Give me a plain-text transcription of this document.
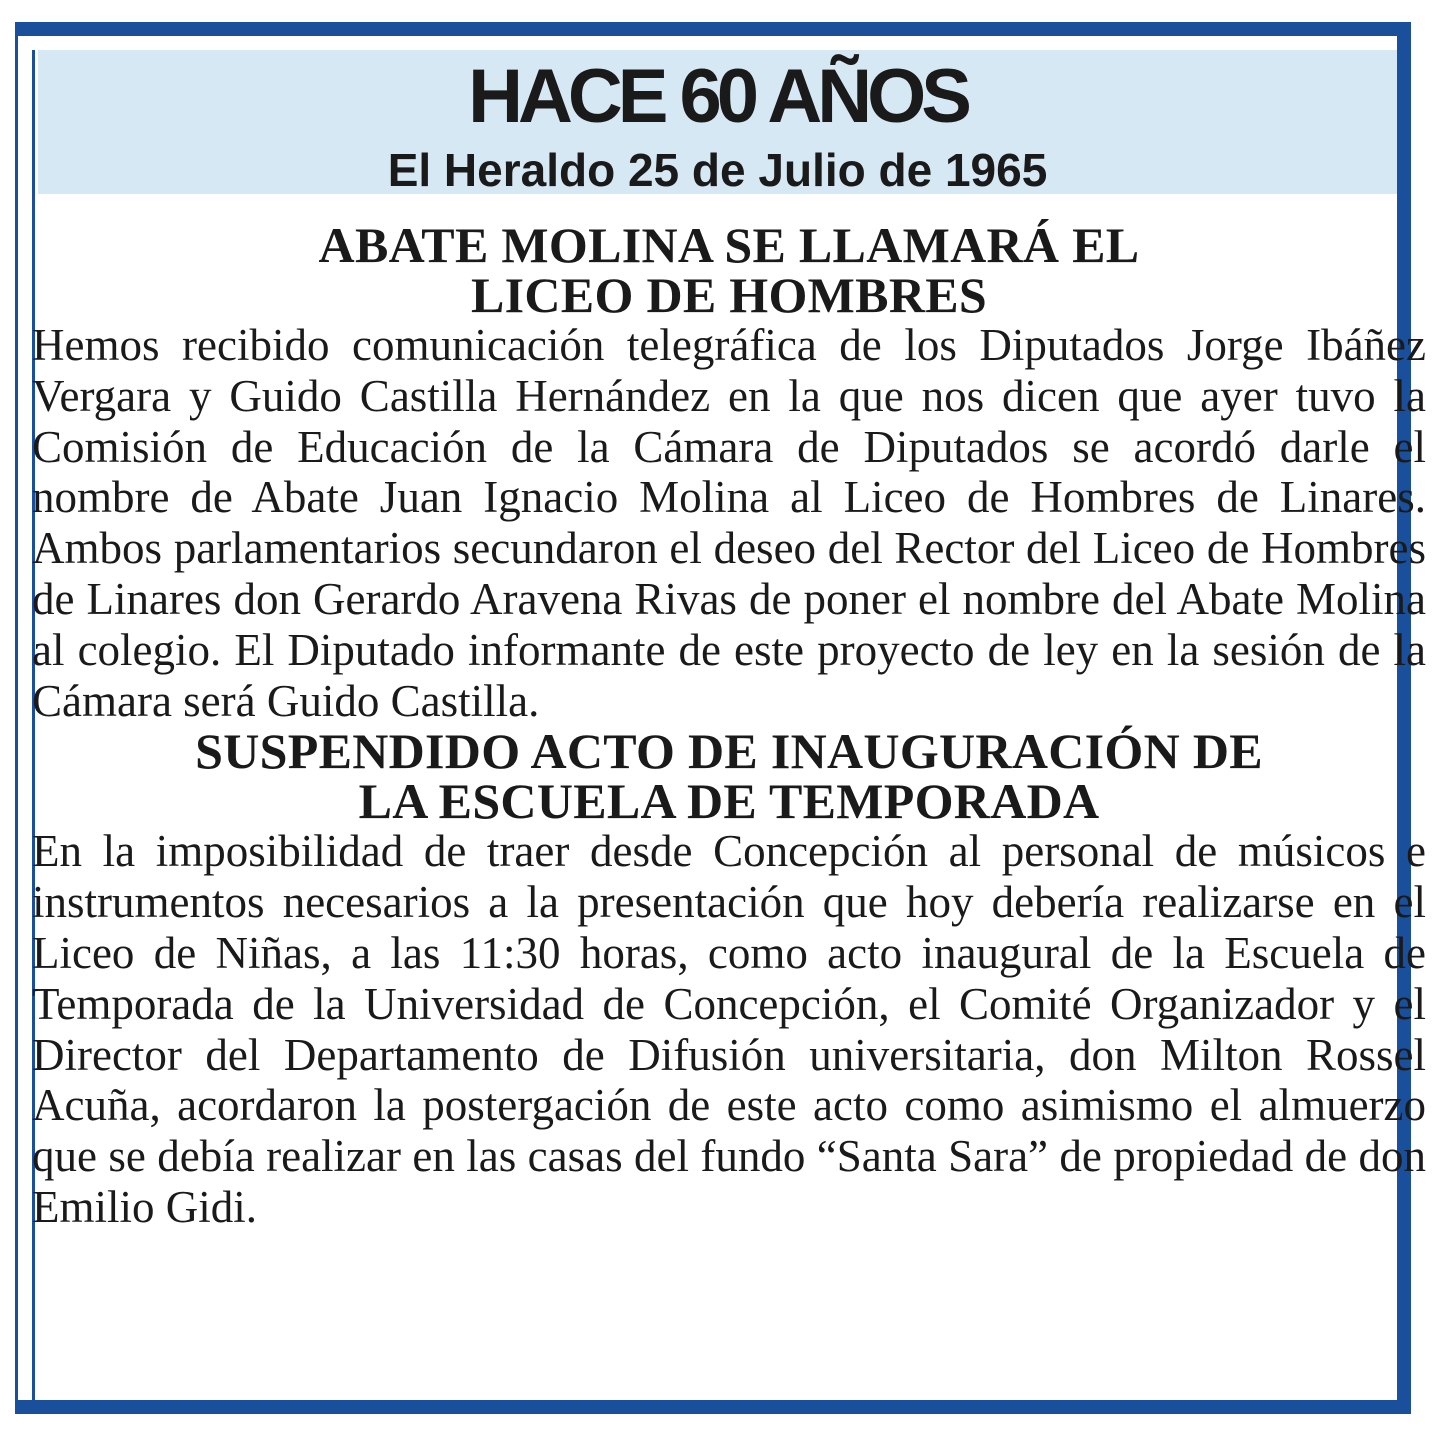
HACE 60 AÑOS
El Heraldo 25 de Julio de 1965
ABATE MOLINA SE LLAMARÁ EL LICEO DE HOMBRES

Hemos recibido comunicación telegráfica de los Diputados Jorge Ibáñez Vergara y Guido Castilla Hernández en la que nos dicen que ayer tuvo la Comisión de Educación de la Cámara de Diputados se acordó darle el nombre de Abate Juan Ignacio Molina al Liceo de Hombres de Linares. Ambos parlamentarios secundaron el deseo del Rector del Liceo de Hombres de Linares don Gerardo Aravena Rivas de poner el nombre del Abate Molina al colegio. El Diputado informante de este proyecto de ley en la sesión de la Cámara será Guido Castilla.

SUSPENDIDO ACTO DE INAUGURACIÓN DE LA ESCUELA DE TEMPORADA

En la imposibilidad de traer desde Concepción al personal de músicos e instrumentos necesarios a la presentación que hoy debería realizarse en el Liceo de Niñas, a las 11:30 horas, como acto inaugural de la Escuela de Temporada de la Universidad de Concepción, el Comité Organizador y el Director del Departamento de Difusión universitaria, don Milton Rossel Acuña, acordaron la postergación de este acto como asimismo el almuerzo que se debía realizar en las casas del fundo “Santa Sara” de propiedad de don Emilio Gidi.
